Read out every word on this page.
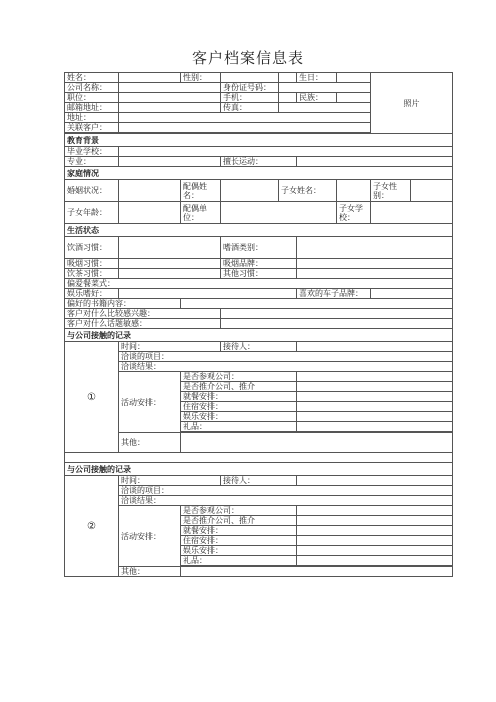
客户档案信息表
姓名：		性别：			生日：		照片	
公司名称：			身份证号码：					
职位：			手机：		民族：			
邮箱地址：			传真：					
地址：								
关联客户：								

教育背景								
毕业学校：								
专业：			擅长运动：					
家庭情况								
婚姻状况：		配偶姓名：		子女姓名：			子女性别：	
子女年龄：		配偶单位：				子女学校：		
生活状态								
饮酒习惯：			嗜酒类别：					
吸烟习惯：			吸烟品牌：					
饮茶习惯：			其他习惯：					
偏爱餐菜式：								
娱乐嗜好：					喜欢的车子品牌：			
偏好的书籍内容：								
客户对什么比较感兴趣：								
客户对什么话题敏感：								
与公司接触的记录								
①	时间：		接待人：					
	洽谈的项目：							
	洽谈结果：							
	活动安排：	是否参观公司：						
		是否推介公司、推介						
		就餐安排：						
		住宿安排：						
		娱乐安排：						
		礼品：						

	其他：							

与公司接触的记录								
②	时间：		接待人：					
	洽谈的项目：							
	洽谈结果：							
	活动安排：	是否参观公司：						
		是否推介公司、推介						
		就餐安排：						
		住宿安排：						
		娱乐安排：						
		礼品：						

	其他：							
